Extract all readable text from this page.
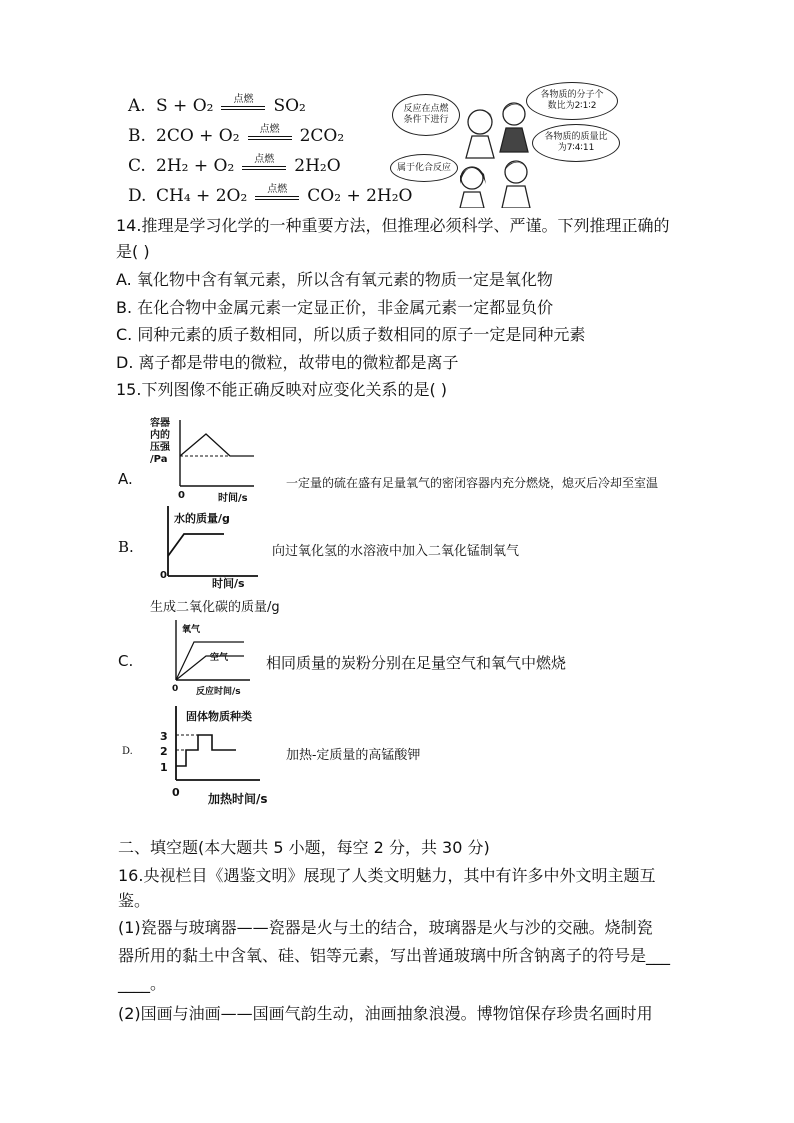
A. S + O₂	点燃	SO₂
B. 2CO + O₂	点燃	2CO₂
C. 2H₂ + O₂	点燃	2H₂O
D. CH₄ + 2O₂	点燃	CO₂ + 2H₂O
反应在点燃条件下进行
各物质的分子个数比为2∶1∶2
各物质的质量比为7∶4∶11
属于化合反应
14.推理是学习化学的一种重要方法，但推理必须科学、严谨。下列推理正确的
是( )
A. 氧化物中含有氧元素，所以含有氧元素的物质一定是氧化物
B. 在化合物中金属元素一定显正价，非金属元素一定都显负价
C. 同种元素的质子数相同，所以质子数相同的原子一定是同种元素
D. 离子都是带电的微粒，故带电的微粒都是离子
15.下列图像不能正确反映对应变化关系的是( )
A.
容器
内的
压强
/Pa
0	时间/s
一定量的硫在盛有足量氧气的密闭容器内充分燃烧，熄灭后冷却至室温
B.
水的质量/g
0
时间/s
向过氧化氢的水溶液中加入二氧化锰制氧气
生成二氧化碳的质量/g
C.
氧气
空气
0 反应时间/s
相同质量的炭粉分别在足量空气和氧气中燃烧
D.
固体物质种类
3
2
1
0 加热时间/s
加热-定质量的高锰酸钾
二、填空题(本大题共 5 小题，每空 2 分，共 30 分)
16.央视栏目《遇鉴文明》展现了人类文明魅力，其中有许多中外文明主题互
鉴。
(1)瓷器与玻璃器——瓷器是火与土的结合，玻璃器是火与沙的交融。烧制瓷
器所用的黏土中含氧、硅、铝等元素，写出普通玻璃中所含钠离子的符号是___
____。
(2)国画与油画——国画气韵生动，油画抽象浪漫。博物馆保存珍贵名画时用
